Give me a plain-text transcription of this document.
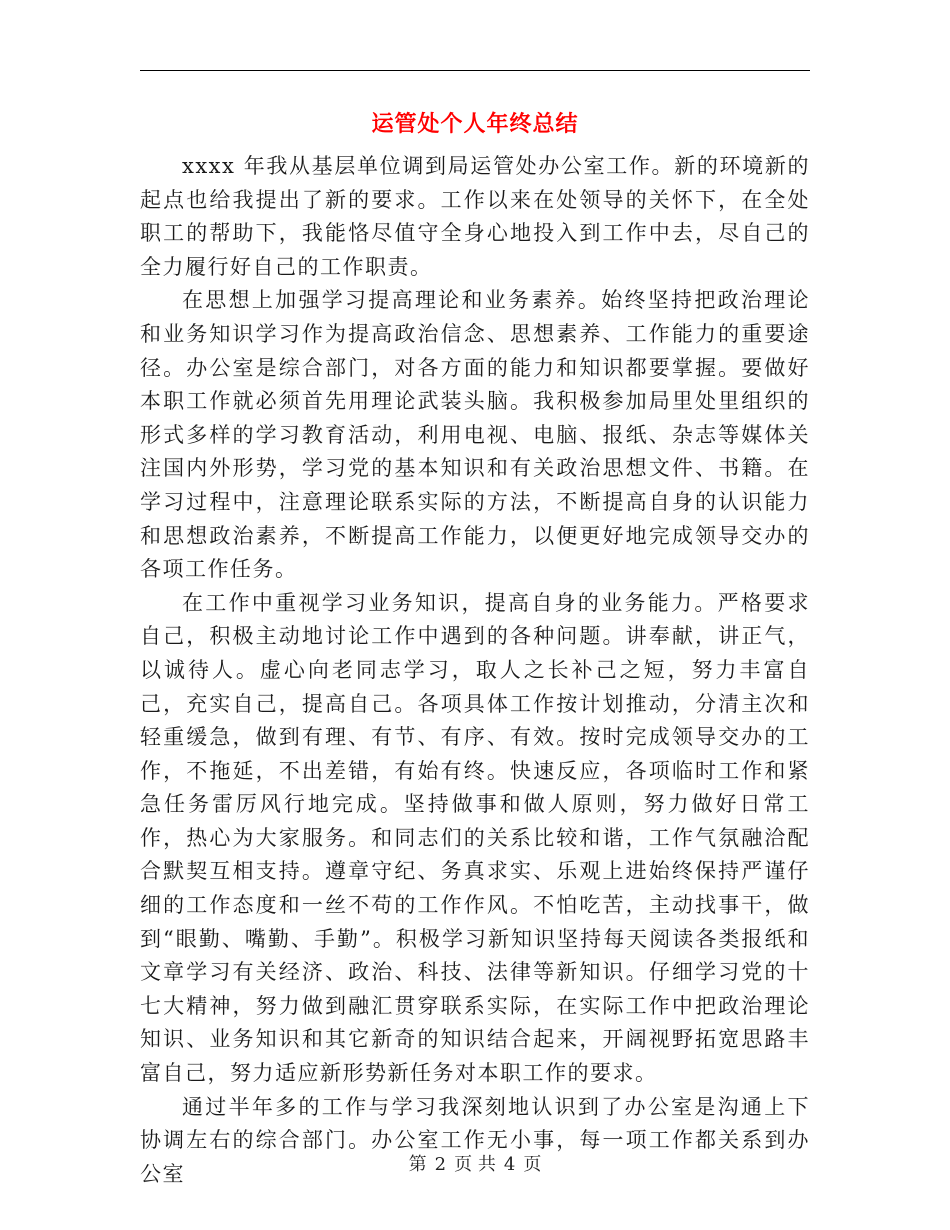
运管处个人年终总结

xxxx 年我从基层单位调到局运管处办公室工作。新的环境新的起点也给我提出了新的要求。工作以来在处领导的关怀下，在全处职工的帮助下，我能恪尽值守全身心地投入到工作中去，尽自己的全力履行好自己的工作职责。

在思想上加强学习提高理论和业务素养。始终坚持把政治理论和业务知识学习作为提高政治信念、思想素养、工作能力的重要途径。办公室是综合部门，对各方面的能力和知识都要掌握。要做好本职工作就必须首先用理论武装头脑。我积极参加局里处里组织的形式多样的学习教育活动，利用电视、电脑、报纸、杂志等媒体关注国内外形势，学习党的基本知识和有关政治思想文件、书籍。在学习过程中，注意理论联系实际的方法，不断提高自身的认识能力和思想政治素养，不断提高工作能力，以便更好地完成领导交办的各项工作任务。

在工作中重视学习业务知识，提高自身的业务能力。严格要求自己，积极主动地讨论工作中遇到的各种问题。讲奉献，讲正气，以诚待人。虚心向老同志学习，取人之长补己之短，努力丰富自己，充实自己，提高自己。各项具体工作按计划推动，分清主次和轻重缓急，做到有理、有节、有序、有效。按时完成领导交办的工作，不拖延，不出差错，有始有终。快速反应，各项临时工作和紧急任务雷厉风行地完成。坚持做事和做人原则，努力做好日常工作，热心为大家服务。和同志们的关系比较和谐，工作气氛融洽配合默契互相支持。遵章守纪、务真求实、乐观上进始终保持严谨仔细的工作态度和一丝不苟的工作作风。不怕吃苦，主动找事干，做到“眼勤、嘴勤、手勤”。积极学习新知识坚持每天阅读各类报纸和文章学习有关经济、政治、科技、法律等新知识。仔细学习党的十七大精神，努力做到融汇贯穿联系实际，在实际工作中把政治理论知识、业务知识和其它新奇的知识结合起来，开阔视野拓宽思路丰富自己，努力适应新形势新任务对本职工作的要求。

通过半年多的工作与学习我深刻地认识到了办公室是沟通上下协调左右的综合部门。办公室工作无小事，每一项工作都关系到办公室	第 2 页 共 4 页
